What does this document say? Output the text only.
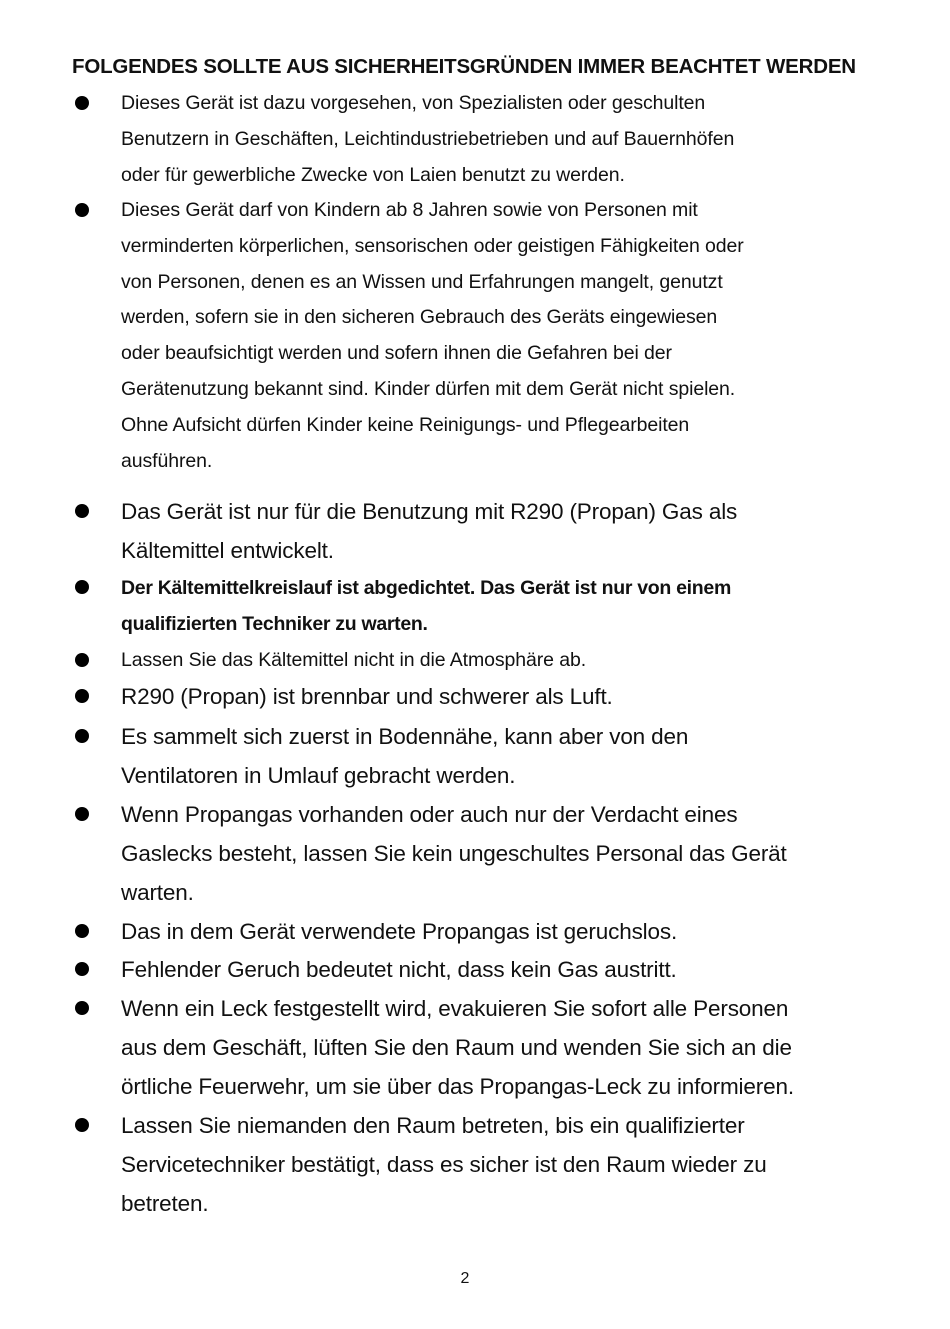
FOLGENDES SOLLTE AUS SICHERHEITSGRÜNDEN IMMER BEACHTET WERDEN
Dieses Gerät ist dazu vorgesehen, von Spezialisten oder geschulten
Benutzern in Geschäften, Leichtindustriebetrieben und auf Bauernhöfen
oder für gewerbliche Zwecke von Laien benutzt zu werden.
Dieses Gerät darf von Kindern ab 8 Jahren sowie von Personen mit
verminderten körperlichen, sensorischen oder geistigen Fähigkeiten oder
von Personen, denen es an Wissen und Erfahrungen mangelt, genutzt
werden, sofern sie in den sicheren Gebrauch des Geräts eingewiesen
oder beaufsichtigt werden und sofern ihnen die Gefahren bei der
Gerätenutzung bekannt sind. Kinder dürfen mit dem Gerät nicht spielen.
Ohne Aufsicht dürfen Kinder keine Reinigungs- und Pflegearbeiten
ausführen.
Das Gerät ist nur für die Benutzung mit R290 (Propan) Gas als
Kältemittel entwickelt.
Der Kältemittelkreislauf ist abgedichtet. Das Gerät ist nur von einem
qualifizierten Techniker zu warten.
Lassen Sie das Kältemittel nicht in die Atmosphäre ab.
R290 (Propan) ist brennbar und schwerer als Luft.
Es sammelt sich zuerst in Bodennähe, kann aber von den
Ventilatoren in Umlauf gebracht werden.
Wenn Propangas vorhanden oder auch nur der Verdacht eines
Gaslecks besteht, lassen Sie kein ungeschultes Personal das Gerät
warten.
Das in dem Gerät verwendete Propangas ist geruchslos.
Fehlender Geruch bedeutet nicht, dass kein Gas austritt.
Wenn ein Leck festgestellt wird, evakuieren Sie sofort alle Personen
aus dem Geschäft, lüften Sie den Raum und wenden Sie sich an die
örtliche Feuerwehr, um sie über das Propangas-Leck zu informieren.
Lassen Sie niemanden den Raum betreten, bis ein qualifizierter
Servicetechniker bestätigt, dass es sicher ist den Raum wieder zu
betreten.
2
